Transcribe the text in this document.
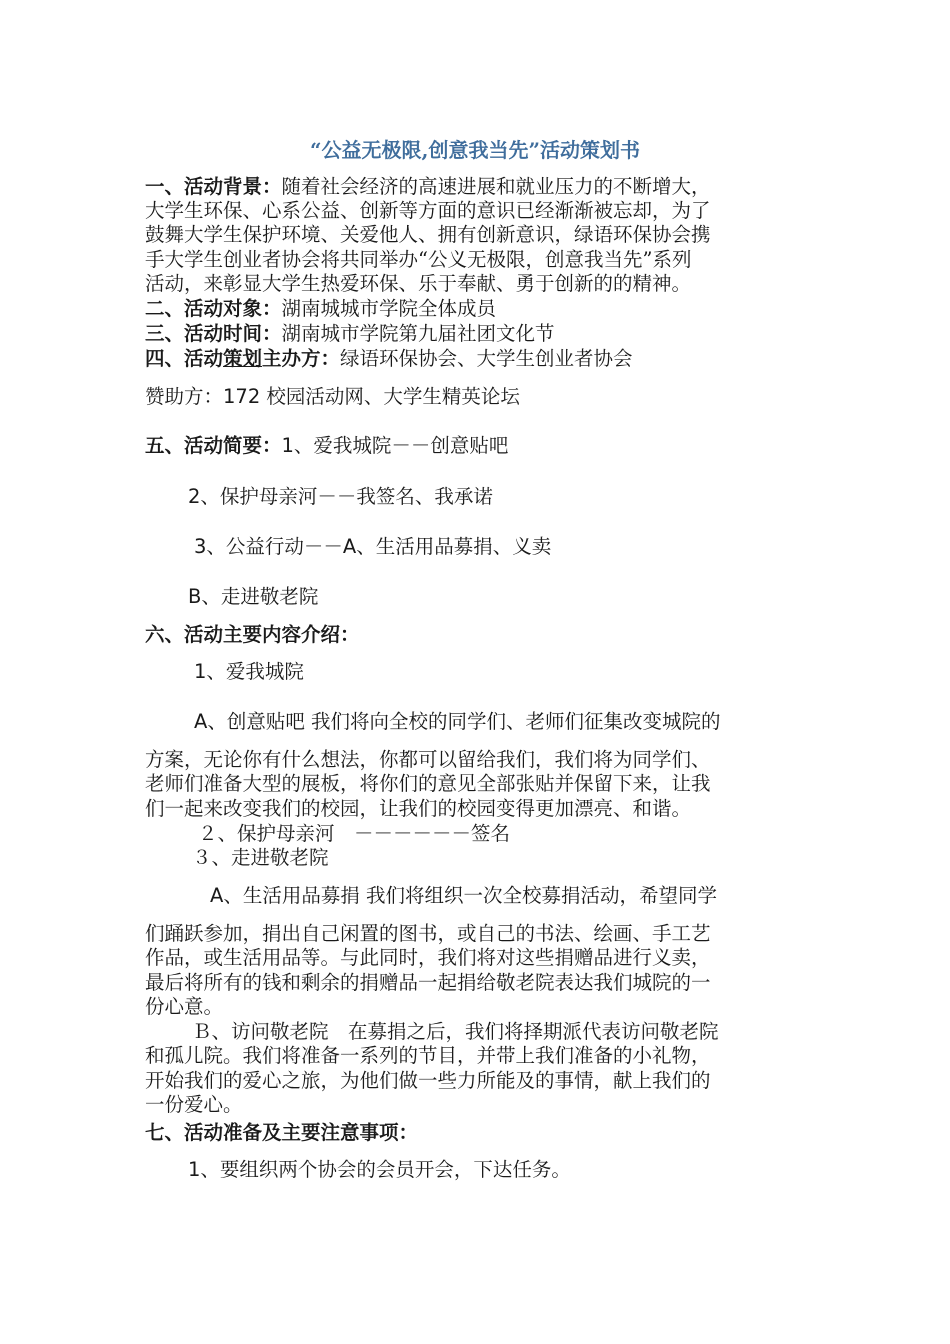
“公益无极限,创意我当先”活动策划书
一、活动背景：随着社会经济的高速进展和就业压力的不断增大，
大学生环保、心系公益、创新等方面的意识已经渐渐被忘却，为了
鼓舞大学生保护环境、关爱他人、拥有创新意识，绿语环保协会携
手大学生创业者协会将共同举办“公义无极限，创意我当先”系列
活动，来彰显大学生热爱环保、乐于奉献、勇于创新的的精神。
二、活动对象：湖南城城市学院全体成员
三、活动时间：湖南城市学院第九届社团文化节
四、活动策划主办方：绿语环保协会、大学生创业者协会
赞助方：172 校园活动网、大学生精英论坛
五、活动简要：1、爱我城院－－创意贴吧
2、保护母亲河－－我签名、我承诺
3、公益行动－－A、生活用品募捐、义卖
B、走进敬老院
六、活动主要内容介绍：
1、爱我城院
A、创意贴吧 我们将向全校的同学们、老师们征集改变城院的
方案，无论你有什么想法，你都可以留给我们，我们将为同学们、
老师们准备大型的展板，将你们的意见全部张贴并保留下来，让我
们一起来改变我们的校园，让我们的校园变得更加漂亮、和谐。
２、保护母亲河　－－－－－－签名
３、走进敬老院
A、生活用品募捐 我们将组织一次全校募捐活动，希望同学
们踊跃参加，捐出自己闲置的图书，或自己的书法、绘画、手工艺
作品，或生活用品等。与此同时，我们将对这些捐赠品进行义卖，
最后将所有的钱和剩余的捐赠品一起捐给敬老院表达我们城院的一
份心意。
Ｂ、访问敬老院　在募捐之后，我们将择期派代表访问敬老院
和孤儿院。我们将准备一系列的节目，并带上我们准备的小礼物，
开始我们的爱心之旅，为他们做一些力所能及的事情，献上我们的
一份爱心。
七、活动准备及主要注意事项：
1、要组织两个协会的会员开会，下达任务。
